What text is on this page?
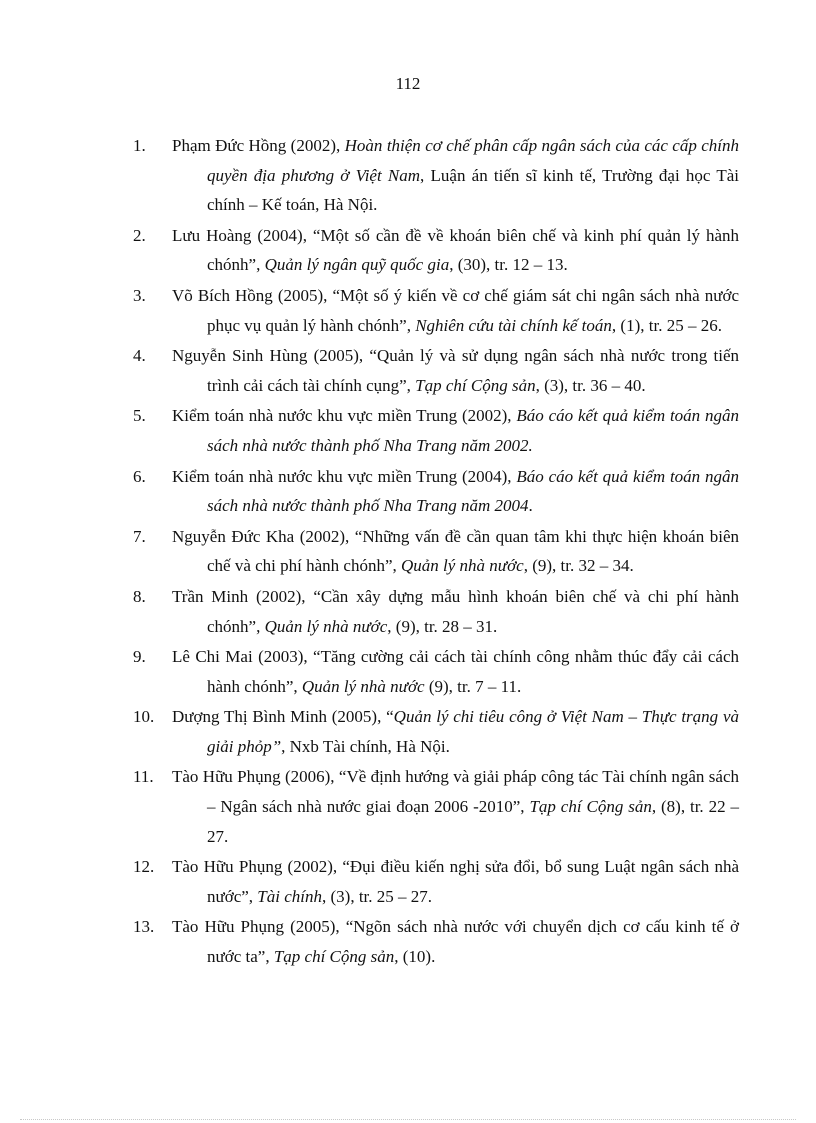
112
1. Phạm Đức Hồng (2002), Hoàn thiện cơ chế phân cấp ngân sách của các cấp chính quyền địa phương ở Việt Nam, Luận án tiến sĩ kinh tế, Trường đại học Tài chính – Kế toán, Hà Nội.
2. Lưu Hoàng (2004), “Một số cần đề về khoán biên chế và kinh phí quản lý hành chónh”, Quản lý ngân quỹ quốc gia, (30), tr. 12 – 13.
3. Võ Bích Hồng (2005), “Một số ý kiến về cơ chế giám sát chi ngân sách nhà nước phục vụ quản lý hành chónh”, Nghiên cứu tài chính kế toán, (1), tr. 25 – 26.
4. Nguyễn Sinh Hùng (2005), “Quản lý và sử dụng ngân sách nhà nước trong tiến trình cải cách tài chính cụng”, Tạp chí Cộng sản, (3), tr. 36 – 40.
5. Kiểm toán nhà nước khu vực miền Trung (2002), Báo cáo kết quả kiểm toán ngân sách nhà nước thành phố Nha Trang năm 2002.
6. Kiểm toán nhà nước khu vực miền Trung (2004), Báo cáo kết quả kiểm toán ngân sách nhà nước thành phố Nha Trang năm 2004.
7. Nguyễn Đức Kha (2002), “Những vấn đề cần quan tâm khi thực hiện khoán biên chế và chi phí hành chónh”, Quản lý nhà nước, (9), tr. 32 – 34.
8. Trần Minh (2002), “Cần xây dựng mẫu hình khoán biên chế và chi phí hành chónh”, Quản lý nhà nước, (9), tr. 28 – 31.
9. Lê Chi Mai (2003), “Tăng cường cải cách tài chính công nhằm thúc đẩy cải cách hành chónh”, Quản lý nhà nước (9), tr. 7 – 11.
10. Dượng Thị Bình Minh (2005), “Quản lý chi tiêu công ở Việt Nam – Thực trạng và giải phỏp”, Nxb Tài chính, Hà Nội.
11. Tào Hữu Phụng (2006), “Về định hướng và giải pháp công tác Tài chính ngân sách – Ngân sách nhà nước giai đoạn 2006 -2010”, Tạp chí Cộng sản, (8), tr. 22 – 27.
12. Tào Hữu Phụng (2002), “Đụi điều kiến nghị sửa đổi, bổ sung Luật ngân sách nhà nước”, Tài chính, (3), tr. 25 – 27.
13. Tào Hữu Phụng (2005), “Ngõn sách nhà nước với chuyển dịch cơ cấu kinh tế ở nước ta”, Tạp chí Cộng sản, (10).
